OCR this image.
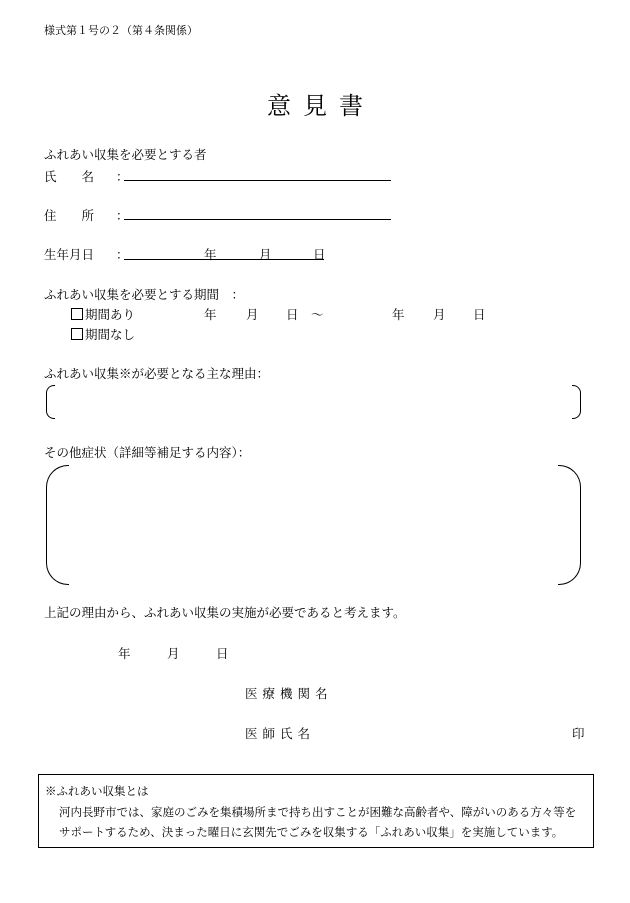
様式第１号の２（第４条関係）
意見書
ふれあい収集を必要とする者
氏　　名 ：
住　　所 ：
生年月日 ：	年	月	日
ふれあい収集を必要とする期間　：
期間あり	年 月 日 〜	年 月 日
期間なし
ふれあい収集※が必要となる主な理由：
その他症状（詳細等補足する内容）：
上記の理由から、ふれあい収集の実施が必要であると考えます。
年	月	日
医療機関名
医師氏名	印
※ふれあい収集とは
河内長野市では、家庭のごみを集積場所まで持ち出すことが困難な高齢者や、障がいのある方々等を
サポートするため、決まった曜日に玄関先でごみを収集する「ふれあい収集」を実施しています。
